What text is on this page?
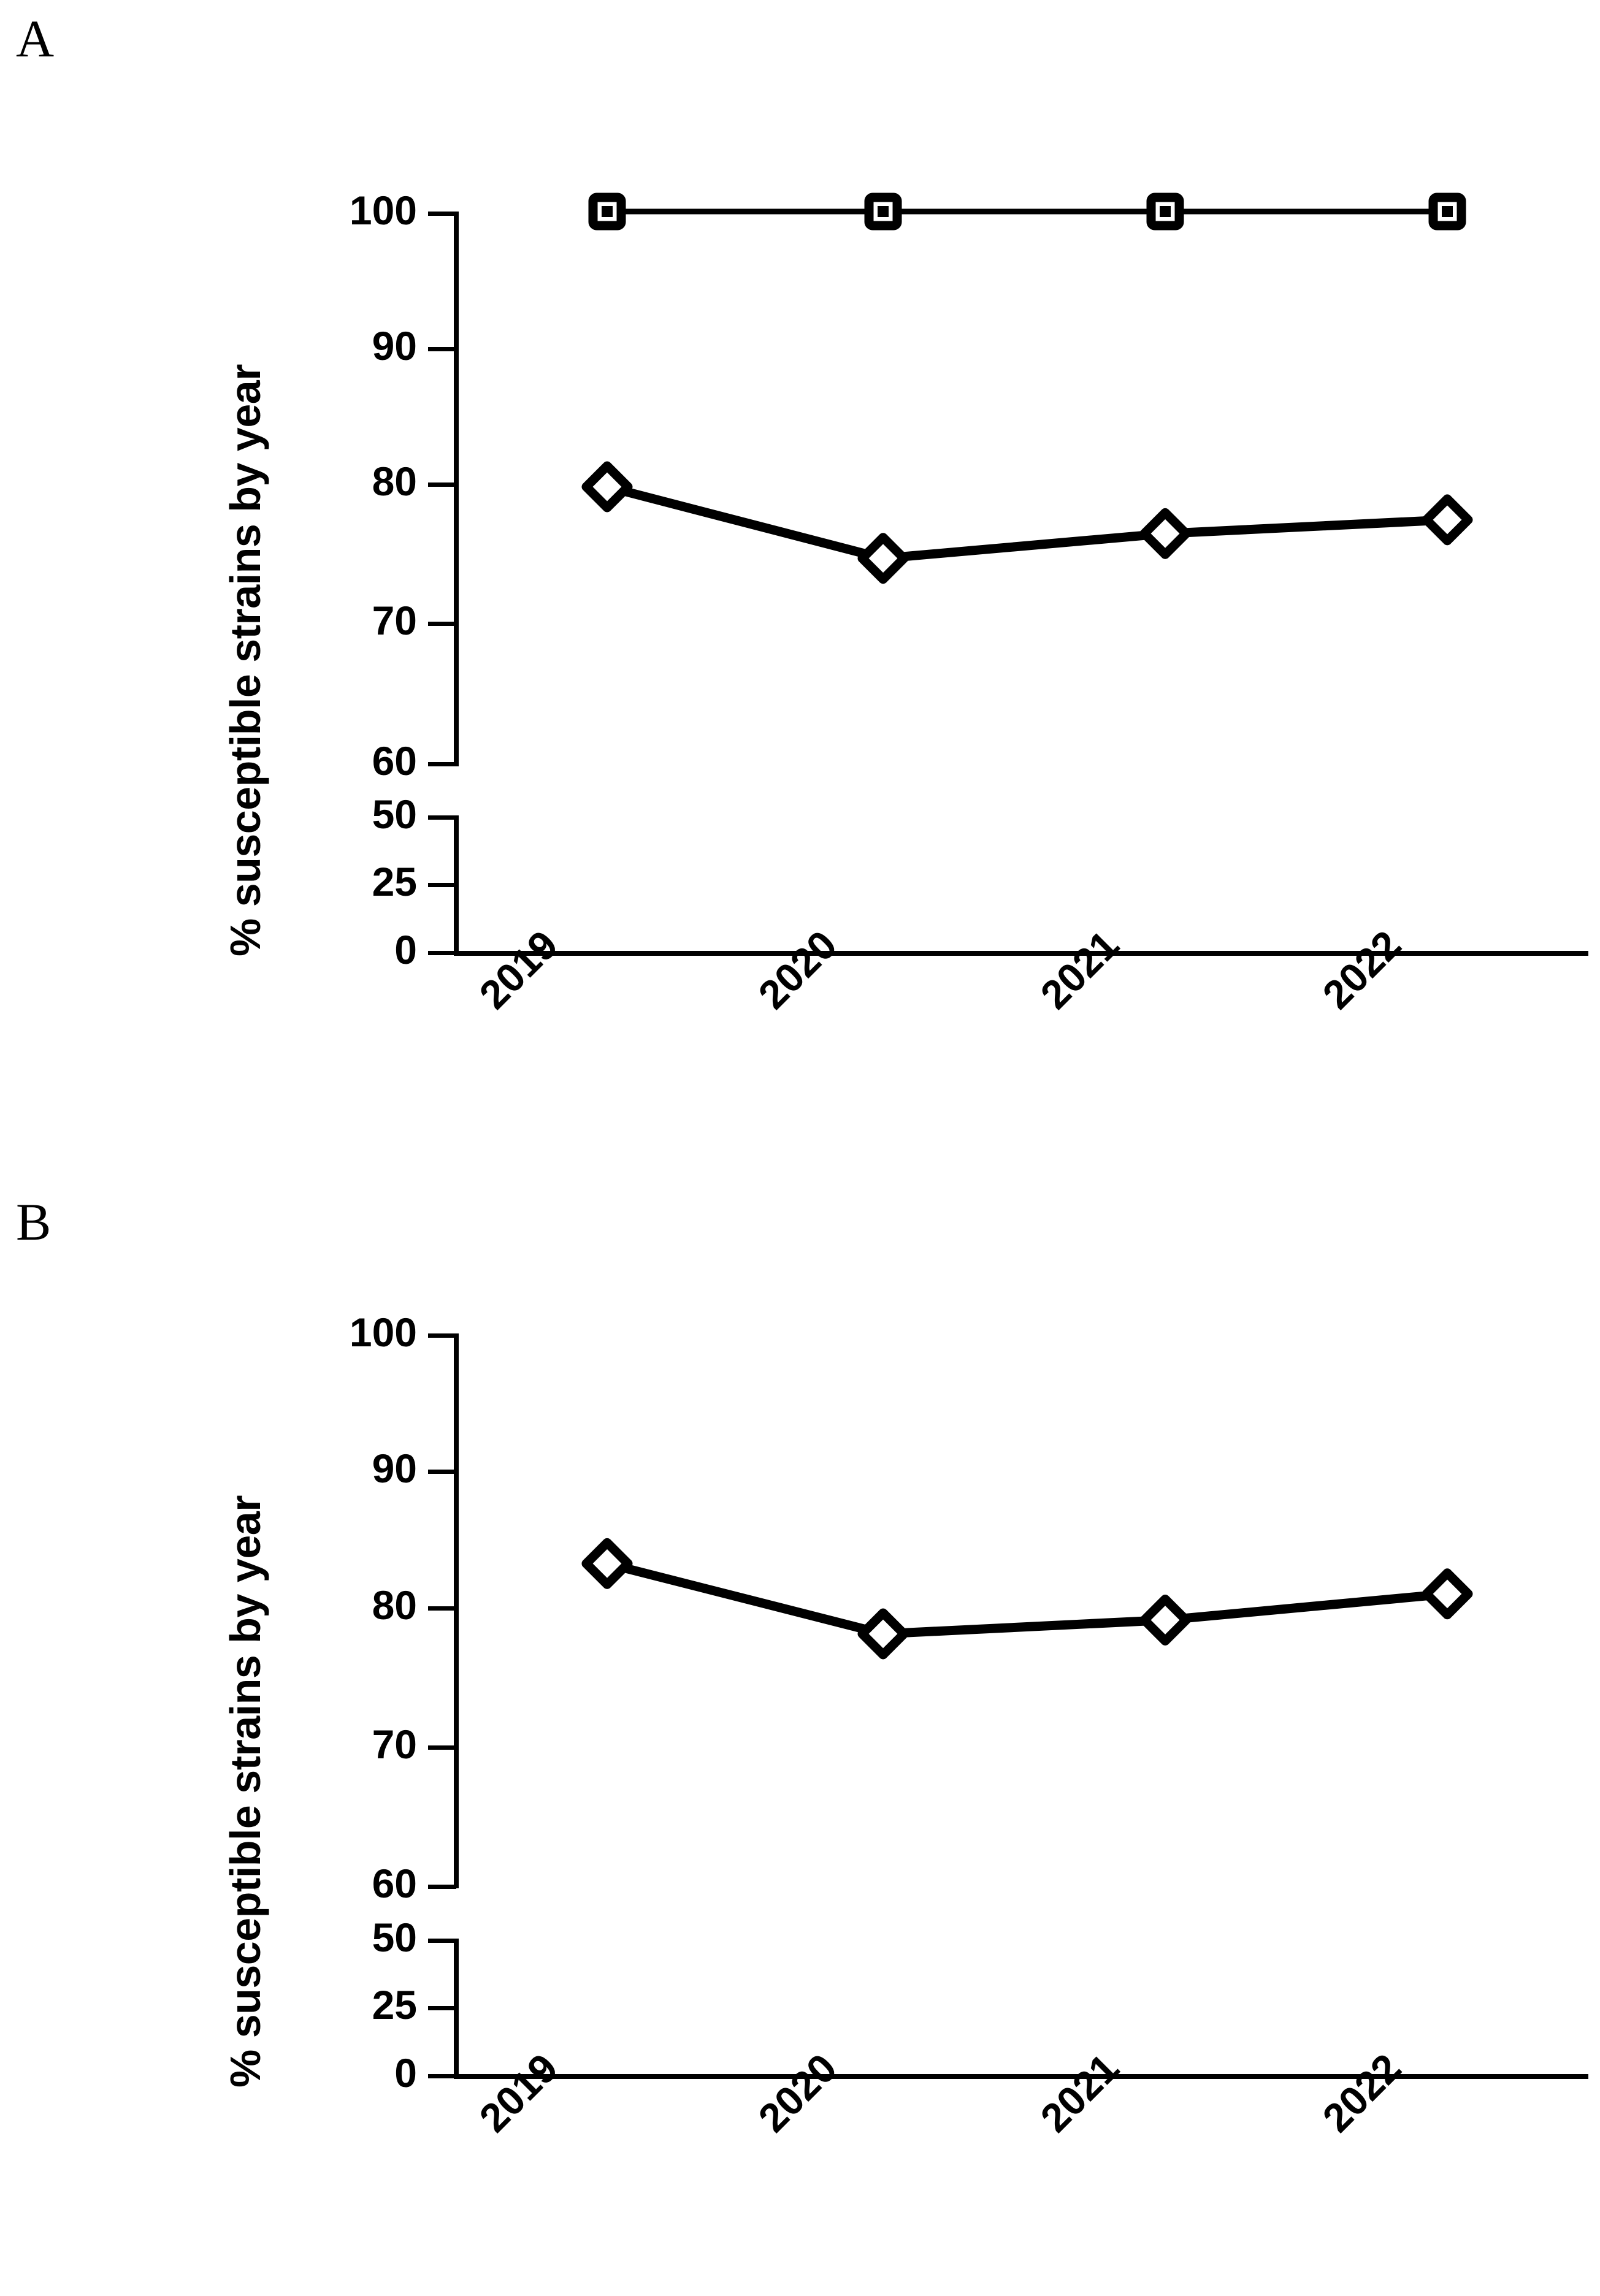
A
% susceptible strains by year
100
90
80
70
60
50
25
0 2019	2020	2021	2022
B
% susceptible strains by year
100
90
80
70
60
50
25
0 2019	2020	2021	2022
